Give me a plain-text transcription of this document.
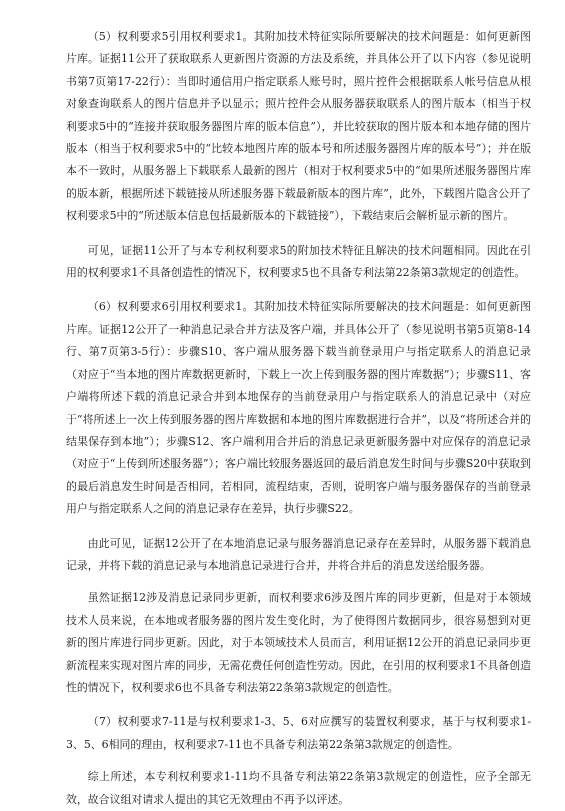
（5）权利要求5引用权利要求1。其附加技术特征实际所要解决的技术问题是：如何更新图片库。证据11公开了获取联系人更新图片资源的方法及系统，并具体公开了以下内容（参见说明书第7页第17-22行）：当即时通信用户指定联系人账号时，照片控件会根据联系人帐号信息从根对象查询联系人的图片信息并予以显示；照片控件会从服务器获取联系人的图片版本（相当于权利要求5中的“连接并获取服务器图片库的版本信息”），并比较获取的图片版本和本地存储的图片版本（相当于权利要求5中的“比较本地图片库的版本号和所述服务器图片库的版本号”）；并在版本不一致时，从服务器上下载联系人最新的图片（相对于权利要求5中的“如果所述服务器图片库的版本新，根据所述下载链接从所述服务器下载最新版本的图片库”，此外，下载图片隐含公开了权利要求5中的“所述版本信息包括最新版本的下载链接”），下载结束后会解析显示新的图片。

可见，证据11公开了与本专利权利要求5的附加技术特征且解决的技术问题相同。因此在引用的权利要求1不具备创造性的情况下，权利要求5也不具备专利法第22条第3款规定的创造性。

（6）权利要求6引用权利要求1。其附加技术特征实际所要解决的技术问题是：如何更新图片库。证据12公开了一种消息记录合并方法及客户端，并具体公开了（参见说明书第5页第8-14行、第7页第3-5行）：步骤S10、客户端从服务器下载当前登录用户与指定联系人的消息记录（对应于“当本地的图片库数据更新时，下载上一次上传到服务器的图片库数据”）；步骤S11、客户端将所述下载的消息记录合并到本地保存的当前登录用户与指定联系人的消息记录中（对应于“将所述上一次上传到服务器的图片库数据和本地的图片库数据进行合并”，以及“将所述合并的结果保存到本地”）；步骤S12、客户端利用合并后的消息记录更新服务器中对应保存的消息记录（对应于“上传到所述服务器”）；客户端比较服务器返回的最后消息发生时间与步骤S20中获取到的最后消息发生时间是否相同，若相同，流程结束，否则，说明客户端与服务器保存的当前登录用户与指定联系人之间的消息记录存在差异，执行步骤S22。

由此可见，证据12公开了在本地消息记录与服务器消息记录存在差异时，从服务器下载消息记录，并将下载的消息记录与本地消息记录进行合并，并将合并后的消息发送给服务器。

虽然证据12涉及消息记录同步更新，而权利要求6涉及图片库的同步更新，但是对于本领域技术人员来说，在本地或者服务器的图片发生变化时，为了使得图片数据同步，很容易想到对更新的图片库进行同步更新。因此，对于本领域技术人员而言，利用证据12公开的消息记录同步更新流程来实现对图片库的同步，无需花费任何创造性劳动。因此，在引用的权利要求1不具备创造性的情况下，权利要求6也不具备专利法第22条第3款规定的创造性。

（7）权利要求7-11是与权利要求1-3、5、6对应撰写的装置权利要求，基于与权利要求1-3、5、6相同的理由，权利要求7-11也不具备专利法第22条第3款规定的创造性。

综上所述，本专利权利要求1-11均不具备专利法第22条第3款规定的创造性，应予全部无效，故合议组对请求人提出的其它无效理由不再予以评述。
